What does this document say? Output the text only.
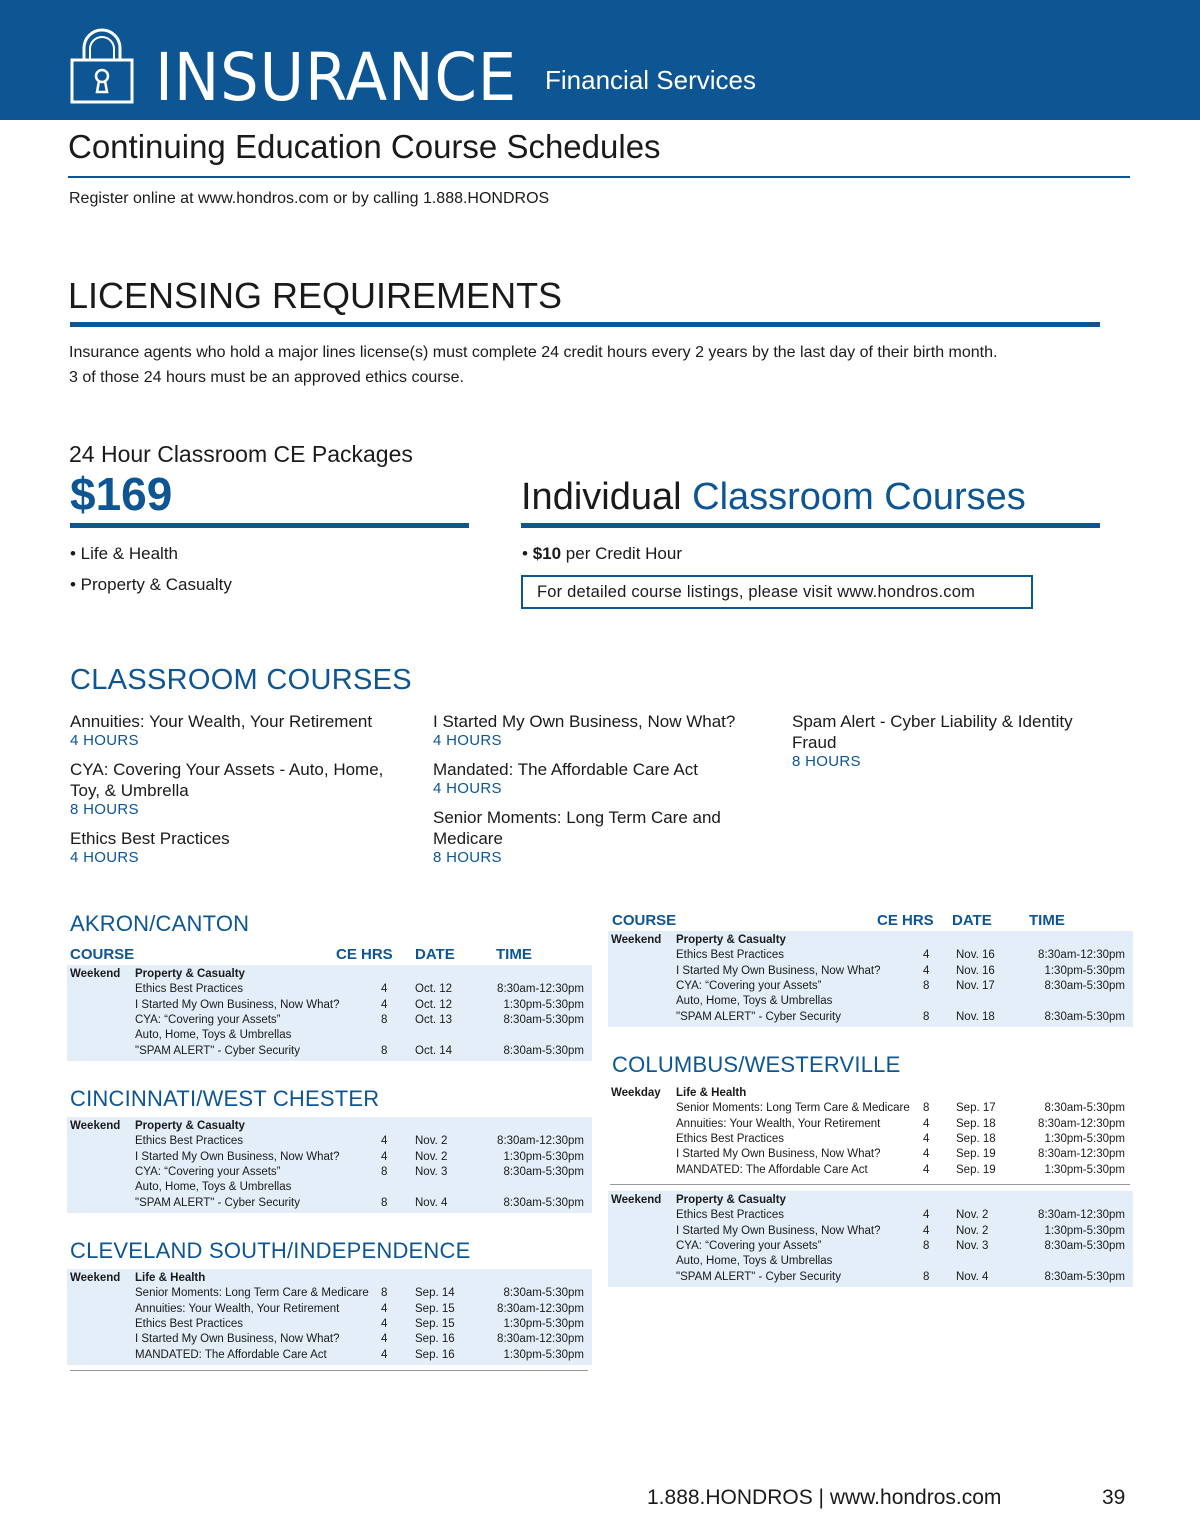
INSURANCE Financial Services
Continuing Education Course Schedules
Register online at www.hondros.com or by calling 1.888.HONDROS
LICENSING REQUIREMENTS
Insurance agents who hold a major lines license(s) must complete 24 credit hours every 2 years by the last day of their birth month.
3 of those 24 hours must be an approved ethics course.
24 Hour Classroom CE Packages
$169
• Life & Health
• Property & Casualty
Individual Classroom Courses
• $10 per Credit Hour
For detailed course listings, please visit www.hondros.com
CLASSROOM COURSES
Annuities: Your Wealth, Your Retirement
4 HOURS
CYA: Covering Your Assets - Auto, Home, Toy, & Umbrella
8 HOURS
Ethics Best Practices
4 HOURS
I Started My Own Business, Now What?
4 HOURS
Mandated: The Affordable Care Act
4 HOURS
Senior Moments: Long Term Care and Medicare
8 HOURS
Spam Alert - Cyber Liability & Identity Fraud
8 HOURS
AKRON/CANTON
COURSE	CE HRS DATE	TIME
Weekend Property & Casualty
Ethics Best Practices	4 Oct. 12	8:30am-12:30pm
I Started My Own Business, Now What?	4 Oct. 12	1:30pm-5:30pm
CYA: “Covering your Assets”	8 Oct. 13	8:30am-5:30pm
Auto, Home, Toys & Umbrellas
"SPAM ALERT" - Cyber Security	8 Oct. 14	8:30am-5:30pm
CINCINNATI/WEST CHESTER
Weekend Property & Casualty
Ethics Best Practices	4 Nov. 2	8:30am-12:30pm
I Started My Own Business, Now What?	4 Nov. 2	1:30pm-5:30pm
CYA: “Covering your Assets”	8 Nov. 3	8:30am-5:30pm
Auto, Home, Toys & Umbrellas
"SPAM ALERT" - Cyber Security	8 Nov. 4	8:30am-5:30pm
CLEVELAND SOUTH/INDEPENDENCE
Weekend Life & Health
Senior Moments: Long Term Care & Medicare 8 Sep. 14	8:30am-5:30pm
Annuities: Your Wealth, Your Retirement	4 Sep. 15	8:30am-12:30pm
Ethics Best Practices	4 Sep. 15	1:30pm-5:30pm
I Started My Own Business, Now What?	4 Sep. 16	8:30am-12:30pm
MANDATED: The Affordable Care Act	4 Sep. 16	1:30pm-5:30pm
COURSE	CE HRS DATE TIME
Weekend Property & Casualty
Ethics Best Practices	4 Nov. 16	8:30am-12:30pm
I Started My Own Business, Now What?	4 Nov. 16	1:30pm-5:30pm
CYA: “Covering your Assets”	8 Nov. 17	8:30am-5:30pm
Auto, Home, Toys & Umbrellas
"SPAM ALERT" - Cyber Security	8 Nov. 18	8:30am-5:30pm
COLUMBUS/WESTERVILLE
Weekday Life & Health
Senior Moments: Long Term Care & Medicare 8 Sep. 17	8:30am-5:30pm
Annuities: Your Wealth, Your Retirement	4 Sep. 18	8:30am-12:30pm
Ethics Best Practices	4 Sep. 18	1:30pm-5:30pm
I Started My Own Business, Now What?	4 Sep. 19	8:30am-12:30pm
MANDATED: The Affordable Care Act	4 Sep. 19	1:30pm-5:30pm
Weekend Property & Casualty
Ethics Best Practices	4 Nov. 2	8:30am-12:30pm
I Started My Own Business, Now What?	4 Nov. 2	1:30pm-5:30pm
CYA: “Covering your Assets”	8 Nov. 3	8:30am-5:30pm
Auto, Home, Toys & Umbrellas
"SPAM ALERT" - Cyber Security	8 Nov. 4	8:30am-5:30pm
1.888.HONDROS | www.hondros.com	39
